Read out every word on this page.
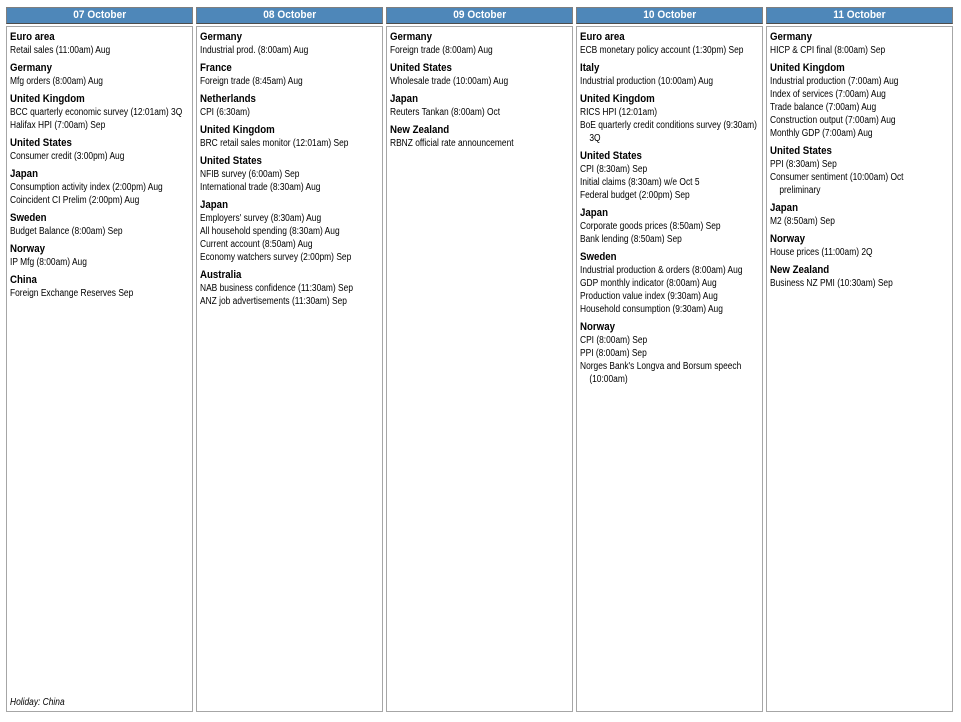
07 October
Euro area
Retail sales (11:00am) Aug
Germany
Mfg orders (8:00am) Aug
United Kingdom
BCC quarterly economic survey (12:01am) 3Q
Halifax HPI (7:00am) Sep
United States
Consumer credit (3:00pm) Aug
Japan
Consumption activity index (2:00pm) Aug
Coincident CI Prelim (2:00pm) Aug
Sweden
Budget Balance (8:00am) Sep
Norway
IP Mfg (8:00am) Aug
China
Foreign Exchange Reserves Sep
Holiday: China
08 October
Germany
Industrial prod. (8:00am) Aug
France
Foreign trade (8:45am) Aug
Netherlands
CPI (6:30am)
United Kingdom
BRC retail sales monitor (12:01am) Sep
United States
NFIB survey (6:00am) Sep
International trade (8:30am) Aug
Japan
Employers' survey (8:30am) Aug
All household spending (8:30am) Aug
Current account (8:50am) Aug
Economy watchers survey (2:00pm) Sep
Australia
NAB business confidence (11:30am) Sep
ANZ job advertisements (11:30am) Sep
09 October
Germany
Foreign trade (8:00am) Aug
United States
Wholesale trade (10:00am) Aug
Japan
Reuters Tankan (8:00am) Oct
New Zealand
RBNZ official rate announcement
10 October
Euro area
ECB monetary policy account (1:30pm) Sep
Italy
Industrial production (10:00am) Aug
United Kingdom
RICS HPI (12:01am)
BoE quarterly credit conditions survey (9:30am)
3Q
United States
CPI (8:30am) Sep
Initial claims (8:30am) w/e Oct 5
Federal budget (2:00pm) Sep
Japan
Corporate goods prices (8:50am) Sep
Bank lending (8:50am) Sep
Sweden
Industrial production & orders (8:00am) Aug
GDP monthly indicator (8:00am) Aug
Production value index (9:30am) Aug
Household consumption (9:30am) Aug
Norway
CPI (8:00am) Sep
PPI (8:00am) Sep
Norges Bank's Longva and Borsum speech
(10:00am)
11 October
Germany
HICP & CPI final (8:00am) Sep
United Kingdom
Industrial production (7:00am) Aug
Index of services (7:00am) Aug
Trade balance (7:00am) Aug
Construction output (7:00am) Aug
Monthly GDP (7:00am) Aug
United States
PPI (8:30am) Sep
Consumer sentiment (10:00am) Oct
preliminary
Japan
M2 (8:50am) Sep
Norway
House prices (11:00am) 2Q
New Zealand
Business NZ PMI (10:30am) Sep
